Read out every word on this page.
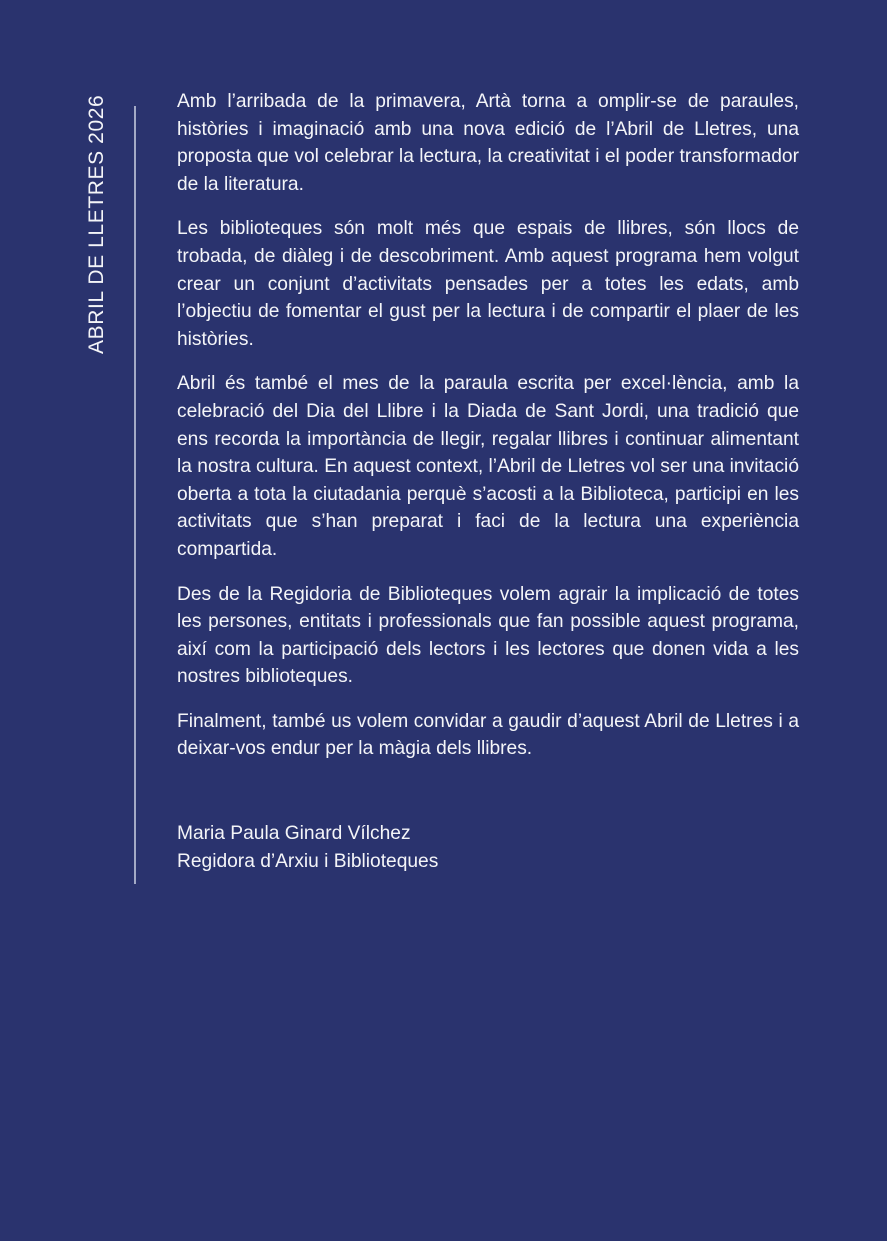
ABRIL DE LLETRES 2026	Amb l’arribada de la primavera, Artà torna a omplir-se de paraules, històries i imaginació amb una nova edició de l’Abril de Lletres, una proposta que vol celebrar la lectura, la creativitat i el poder transformador de la literatura.

Les biblioteques són molt més que espais de llibres, són llocs de trobada, de diàleg i de descobriment. Amb aquest programa hem volgut crear un conjunt d’activitats pensades per a totes les edats, amb l’objectiu de fomentar el gust per la lectura i de compartir el plaer de les històries.

Abril és també el mes de la paraula escrita per excel·lència, amb la celebració del Dia del Llibre i la Diada de Sant Jordi, una tradició que ens recorda la importància de llegir, regalar llibres i continuar alimentant la nostra cultura. En aquest context, l’Abril de Lletres vol ser una invitació oberta a tota la ciutadania perquè s’acosti a la Biblioteca, participi en les activitats que s’han preparat i faci de la lectura una experiència compartida.

Des de la Regidoria de Biblioteques volem agrair la implicació de totes les persones, entitats i professionals que fan possible aquest programa, així com la participació dels lectors i les lectores que donen vida a les nostres biblioteques.

Finalment, també us volem convidar a gaudir d’aquest Abril de Lletres i a deixar-vos endur per la màgia dels llibres.

Maria Paula Ginard Vílchez
Regidora d’Arxiu i Biblioteques
